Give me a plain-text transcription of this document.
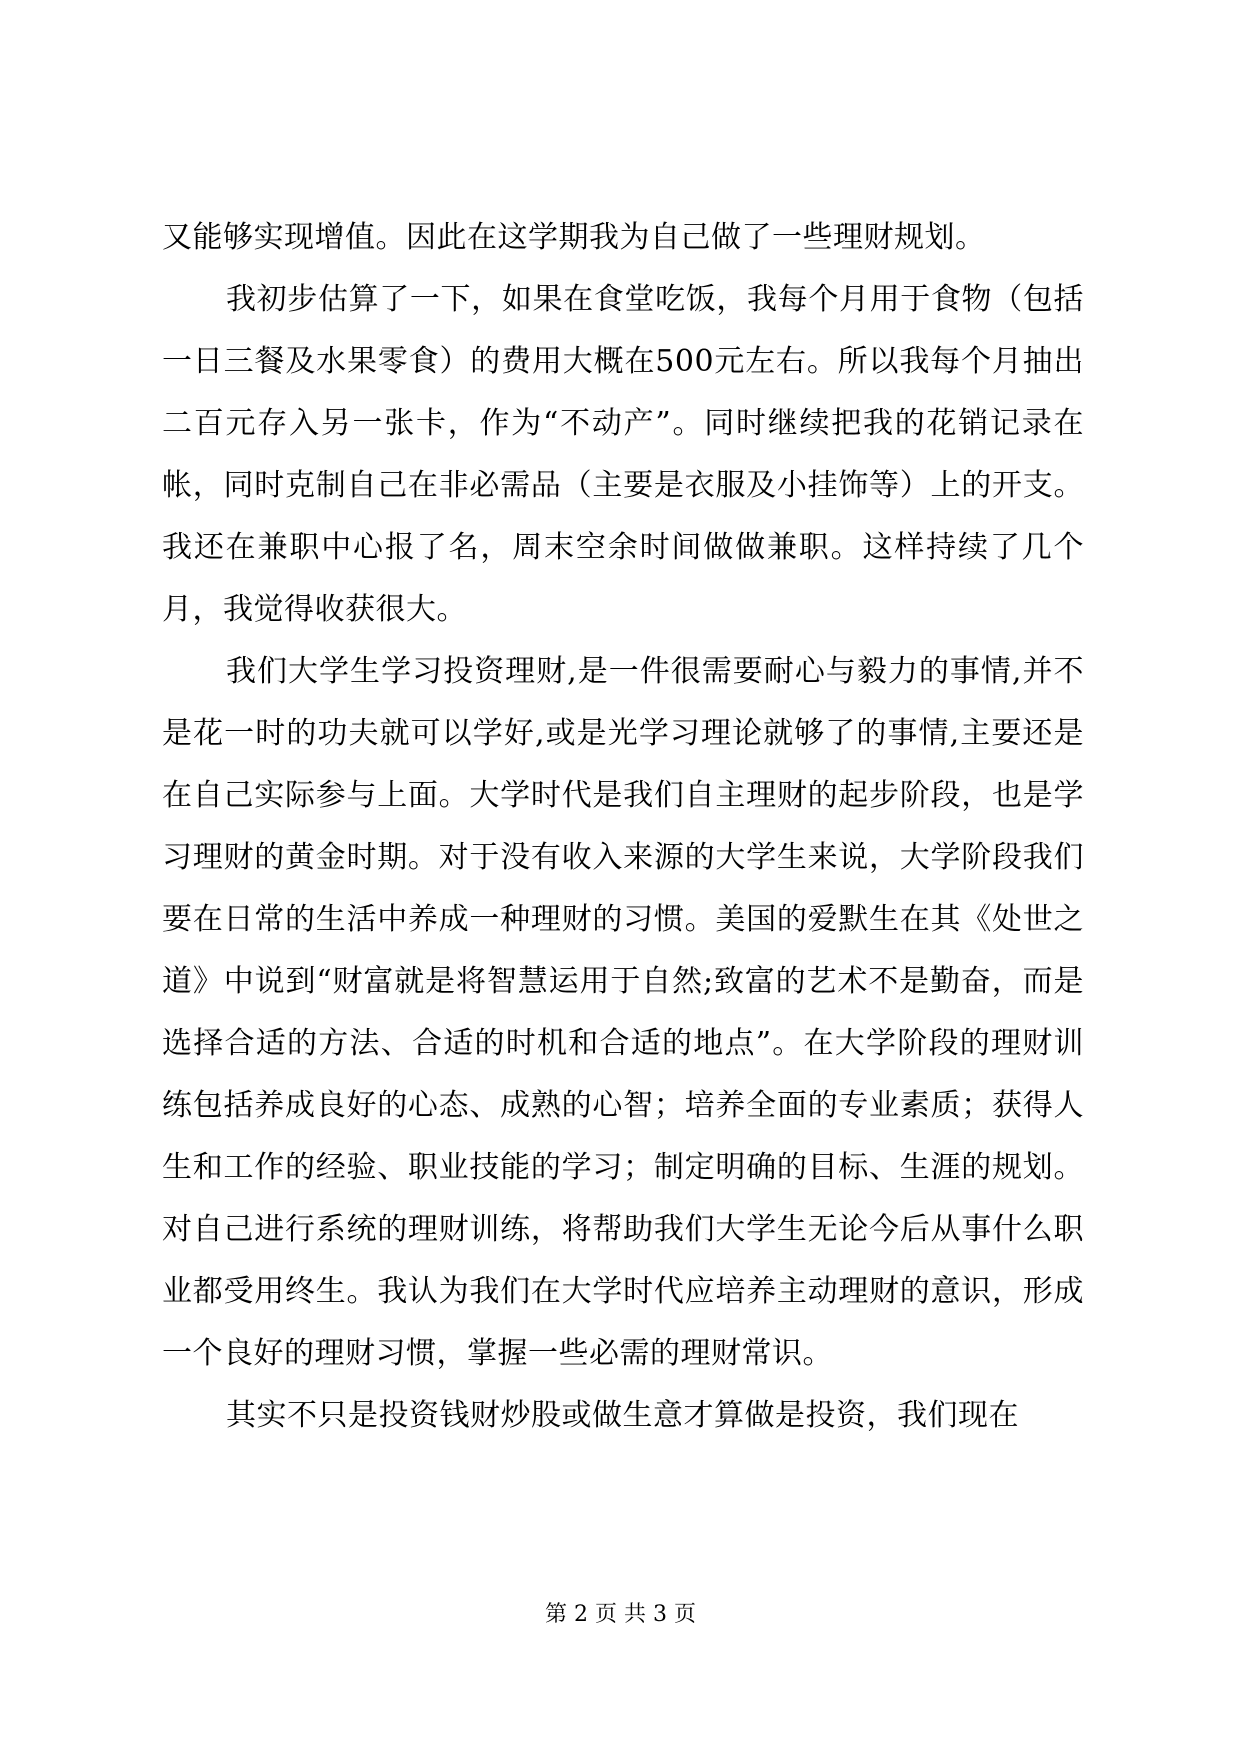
又能够实现增值。因此在这学期我为自己做了一些理财规划。

我初步估算了一下，如果在食堂吃饭，我每个月用于食物（包括一日三餐及水果零食）的费用大概在500元左右。所以我每个月抽出二百元存入另一张卡，作为“不动产”。同时继续把我的花销记录在帐，同时克制自己在非必需品（主要是衣服及小挂饰等）上的开支。我还在兼职中心报了名，周末空余时间做做兼职。这样持续了几个月，我觉得收获很大。

我们大学生学习投资理财,是一件很需要耐心与毅力的事情,并不是花一时的功夫就可以学好,或是光学习理论就够了的事情,主要还是在自己实际参与上面。大学时代是我们自主理财的起步阶段，也是学习理财的黄金时期。对于没有收入来源的大学生来说，大学阶段我们要在日常的生活中养成一种理财的习惯。美国的爱默生在其《处世之道》中说到“财富就是将智慧运用于自然;致富的艺术不是勤奋，而是选择合适的方法、合适的时机和合适的地点”。在大学阶段的理财训练包括养成良好的心态、成熟的心智；培养全面的专业素质；获得人生和工作的经验、职业技能的学习；制定明确的目标、生涯的规划。对自己进行系统的理财训练，将帮助我们大学生无论今后从事什么职业都受用终生。我认为我们在大学时代应培养主动理财的意识，形成一个良好的理财习惯，掌握一些必需的理财常识。

其实不只是投资钱财炒股或做生意才算做是投资，我们现在

第 2 页 共 3 页
